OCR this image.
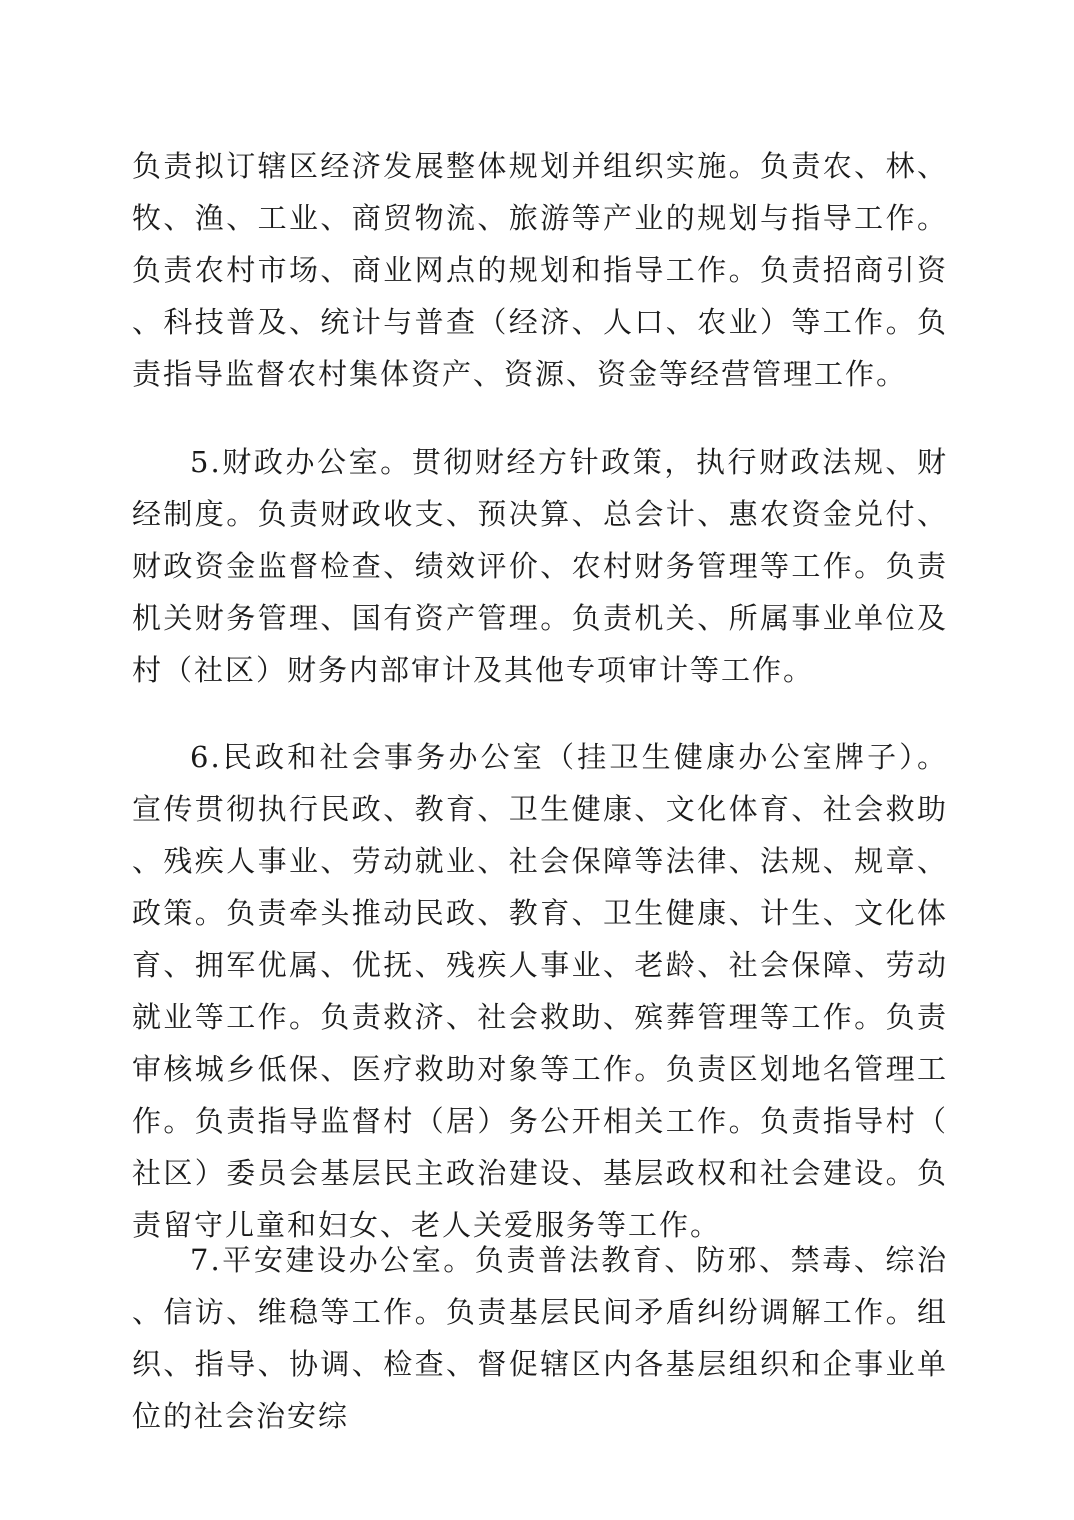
负责拟订辖区经济发展整体规划并组织实施。负责农、林、牧、渔、工业、商贸物流、旅游等产业的规划与指导工作。负责农村市场、商业网点的规划和指导工作。负责招商引资、科技普及、统计与普查（经济、人口、农业）等工作。负责指导监督农村集体资产、资源、资金等经营管理工作。

5.财政办公室。贯彻财经方针政策，执行财政法规、财经制度。负责财政收支、预决算、总会计、惠农资金兑付、财政资金监督检查、绩效评价、农村财务管理等工作。负责机关财务管理、国有资产管理。负责机关、所属事业单位及村（社区）财务内部审计及其他专项审计等工作。

6.民政和社会事务办公室（挂卫生健康办公室牌子）。宣传贯彻执行民政、教育、卫生健康、文化体育、社会救助、残疾人事业、劳动就业、社会保障等法律、法规、规章、政策。负责牵头推动民政、教育、卫生健康、计生、文化体育、拥军优属、优抚、残疾人事业、老龄、社会保障、劳动就业等工作。负责救济、社会救助、殡葬管理等工作。负责审核城乡低保、医疗救助对象等工作。负责区划地名管理工作。负责指导监督村（居）务公开相关工作。负责指导村（社区）委员会基层民主政治建设、基层政权和社会建设。负责留守儿童和妇女、老人关爱服务等工作。

7.平安建设办公室。负责普法教育、防邪、禁毒、综治、信访、维稳等工作。负责基层民间矛盾纠纷调解工作。组织、指导、协调、检查、督促辖区内各基层组织和企事业单位的社会治安综
